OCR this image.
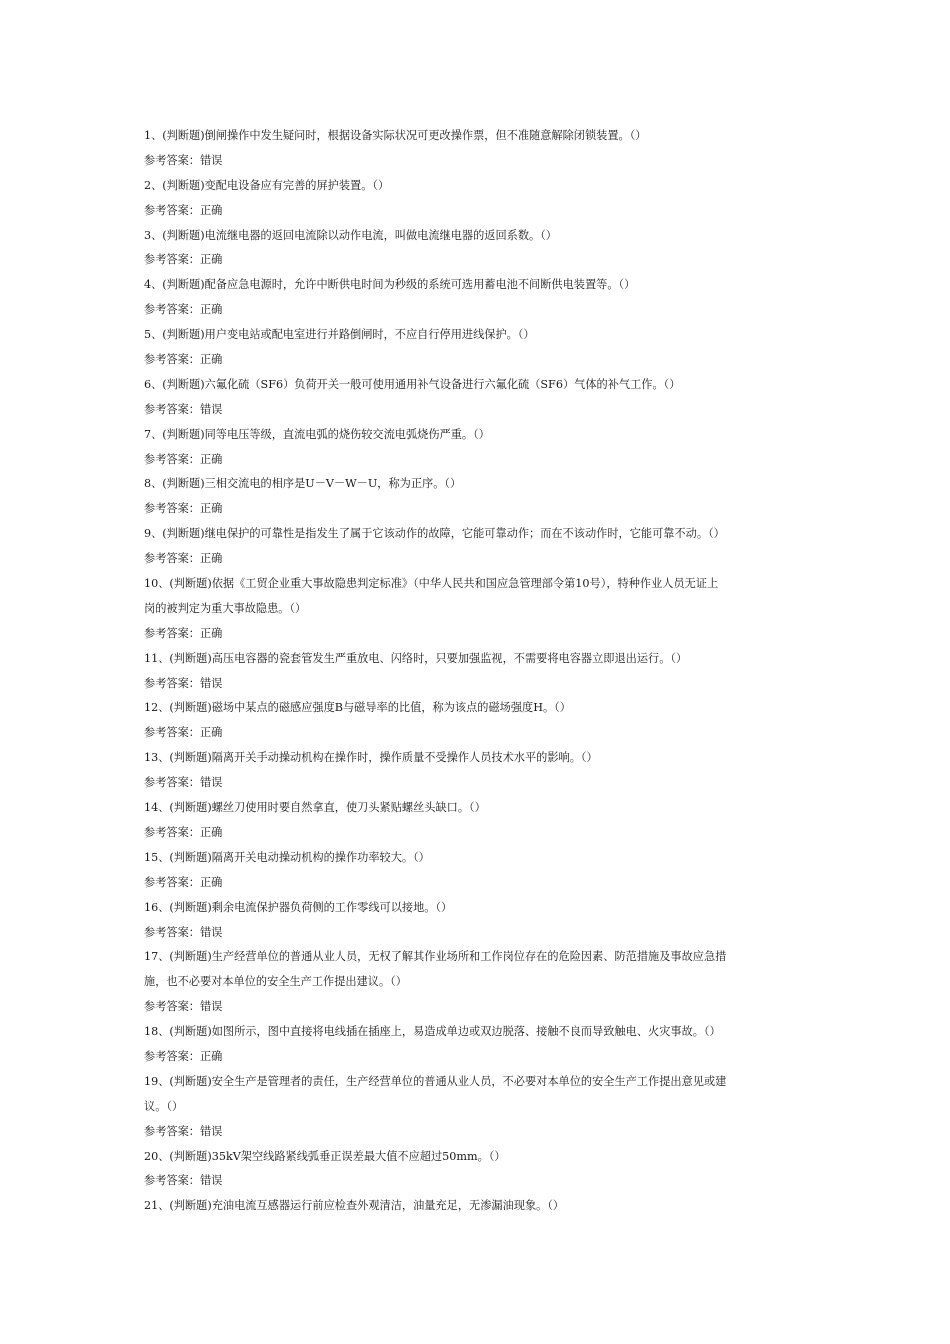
1、(判断题)倒闸操作中发生疑问时，根据设备实际状况可更改操作票，但不准随意解除闭锁装置。（）
参考答案：错误
2、(判断题)变配电设备应有完善的屏护装置。（）
参考答案：正确
3、(判断题)电流继电器的返回电流除以动作电流，叫做电流继电器的返回系数。（）
参考答案：正确
4、(判断题)配备应急电源时，允许中断供电时间为秒级的系统可选用蓄电池不间断供电装置等。（）
参考答案：正确
5、(判断题)用户变电站或配电室进行并路倒闸时，不应自行停用进线保护。（）
参考答案：正确
6、(判断题)六氟化硫（SF6）负荷开关一般可使用通用补气设备进行六氟化硫（SF6）气体的补气工作。（）
参考答案：错误
7、(判断题)同等电压等级，直流电弧的烧伤较交流电弧烧伤严重。（）
参考答案：正确
8、(判断题)三相交流电的相序是U－V－W－U，称为正序。（）
参考答案：正确
9、(判断题)继电保护的可靠性是指发生了属于它该动作的故障，它能可靠动作；而在不该动作时，它能可靠不动。（）
参考答案：正确
10、(判断题)依据《工贸企业重大事故隐患判定标准》（中华人民共和国应急管理部令第10号），特种作业人员无证上
岗的被判定为重大事故隐患。（）
参考答案：正确
11、(判断题)高压电容器的瓷套管发生严重放电、闪络时，只要加强监视，不需要将电容器立即退出运行。（）
参考答案：错误
12、(判断题)磁场中某点的磁感应强度B与磁导率的比值，称为该点的磁场强度H。（）
参考答案：正确
13、(判断题)隔离开关手动操动机构在操作时，操作质量不受操作人员技术水平的影响。（）
参考答案：错误
14、(判断题)螺丝刀使用时要自然拿直，使刀头紧贴螺丝头缺口。（）
参考答案：正确
15、(判断题)隔离开关电动操动机构的操作功率较大。（）
参考答案：正确
16、(判断题)剩余电流保护器负荷侧的工作零线可以接地。（）
参考答案：错误
17、(判断题)生产经营单位的普通从业人员，无权了解其作业场所和工作岗位存在的危险因素、防范措施及事故应急措
施，也不必要对本单位的安全生产工作提出建议。（）
参考答案：错误
18、(判断题)如图所示，图中直接将电线插在插座上，易造成单边或双边脱落、接触不良而导致触电、火灾事故。（）
参考答案：正确
19、(判断题)安全生产是管理者的责任，生产经营单位的普通从业人员，不必要对本单位的安全生产工作提出意见或建
议。（）
参考答案：错误
20、(判断题)35kV架空线路紧线弧垂正误差最大值不应超过50mm。（）
参考答案：错误
21、(判断题)充油电流互感器运行前应检查外观清洁，油量充足，无渗漏油现象。（）
